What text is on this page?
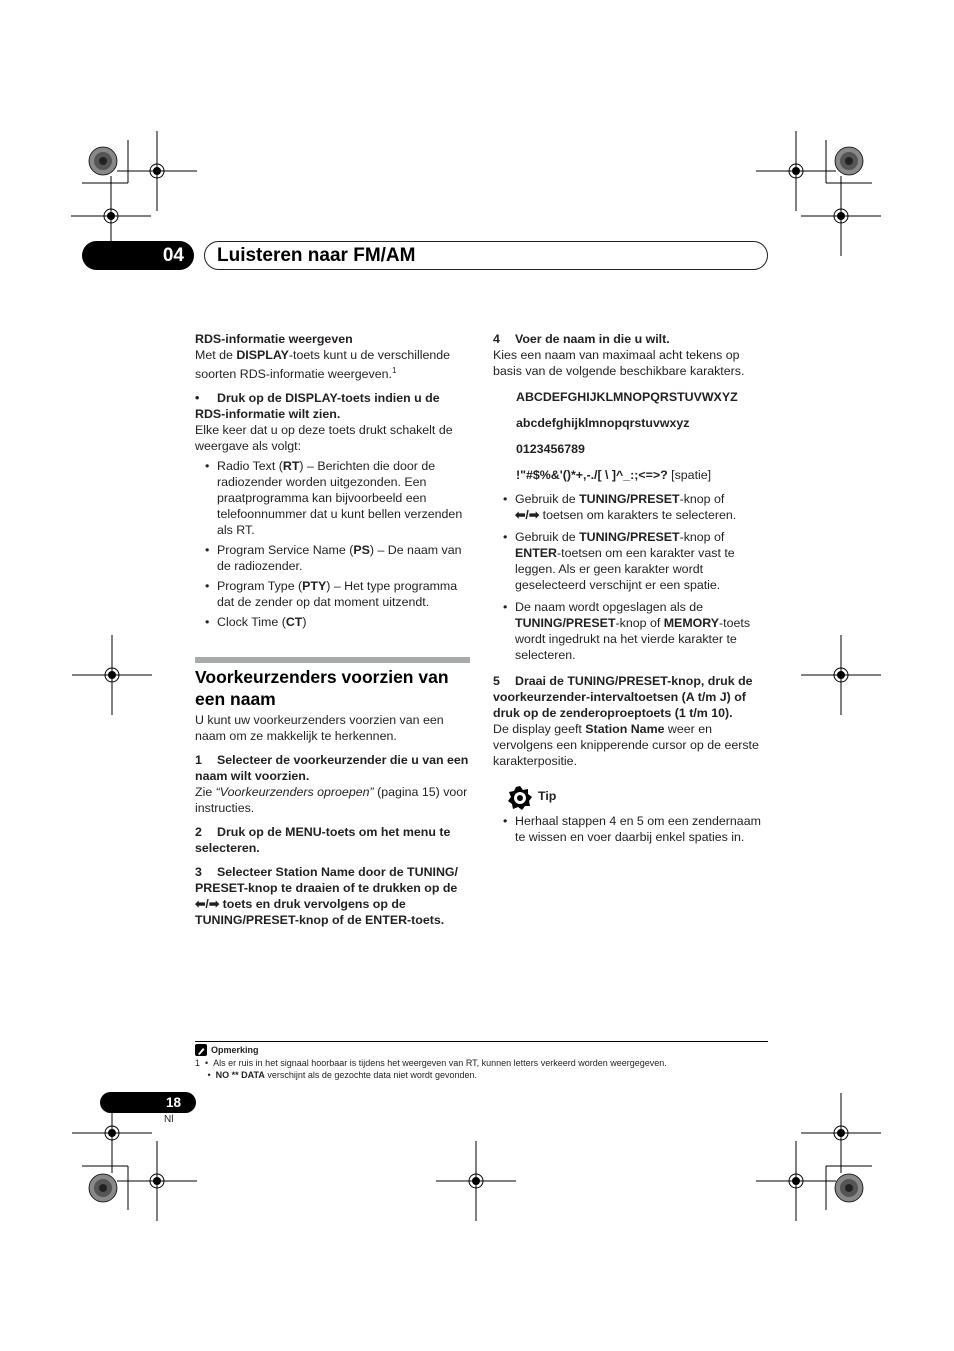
04	Luisteren naar FM/AM

RDS-informatie weergeven

Met de DISPLAY-toets kunt u de verschillende soorten RDS-informatie weergeven.$^1$

• Druk op de DISPLAY-toets indien u de RDS-informatie wilt zien.

Elke keer dat u op deze toets drukt schakelt de weergave als volgt:

• Radio Text (RT) – Berichten die door de radiozender worden uitgezonden. Een praatprogramma kan bijvoorbeeld een telefoonnummer dat u kunt bellen verzenden als RT.
• Program Service Name (PS) – De naam van de radiozender.
• Program Type (PTY) – Het type programma dat de zender op dat moment uitzendt.
• Clock Time (CT)

Voorkeurzenders voorzien van een naam

U kunt uw voorkeurzenders voorzien van een naam om ze makkelijk te herkennen.

1 Selecteer de voorkeurzender die u van een naam wilt voorzien.

Zie “Voorkeurzenders oproepen” (pagina 15) voor instructies.

2 Druk op de MENU-toets om het menu te selecteren.

3 Selecteer Station Name door de TUNING/ PRESET-knop te draaien of te drukken op de ⬅/➡ toets en druk vervolgens op de TUNING/PRESET-knop of de ENTER-toets.

4 Voer de naam in die u wilt.

Kies een naam van maximaal acht tekens op basis van de volgende beschikbare karakters.

ABCDEFGHIJKLMNOPQRSTUVWXYZ

abcdefghijklmnopqrstuvwxyz

0123456789

!"#$%&'()*+,-./[ \ ]^_:;<=>? [spatie]

• Gebruik de TUNING/PRESET-knop of
⬅/➡ toetsen om karakters te selecteren.
• Gebruik de TUNING/PRESET-knop of ENTER-toetsen om een karakter vast te leggen. Als er geen karakter wordt geselecteerd verschijnt er een spatie.
• De naam wordt opgeslagen als de TUNING/PRESET-knop of MEMORY-toets wordt ingedrukt na het vierde karakter te selecteren.

5 Draai de TUNING/PRESET-knop, druk de voorkeurzender-intervaltoetsen (A t/m J) of druk op de zenderoproeptoets (1 t/m 10).

De display geeft Station Name weer en vervolgens een knipperende cursor op de eerste karakterpositie.

Tip
• Herhaal stappen 4 en 5 om een zendernaam te wissen en voer daarbij enkel spaties in.
Opmerking
1  •  Als er ruis in het signaal hoorbaar is tijdens het weergeven van RT, kunnen letters verkeerd worden weergegeven.
•  NO ** DATA verschijnt als de gezochte data niet wordt gevonden.
18
Nl
